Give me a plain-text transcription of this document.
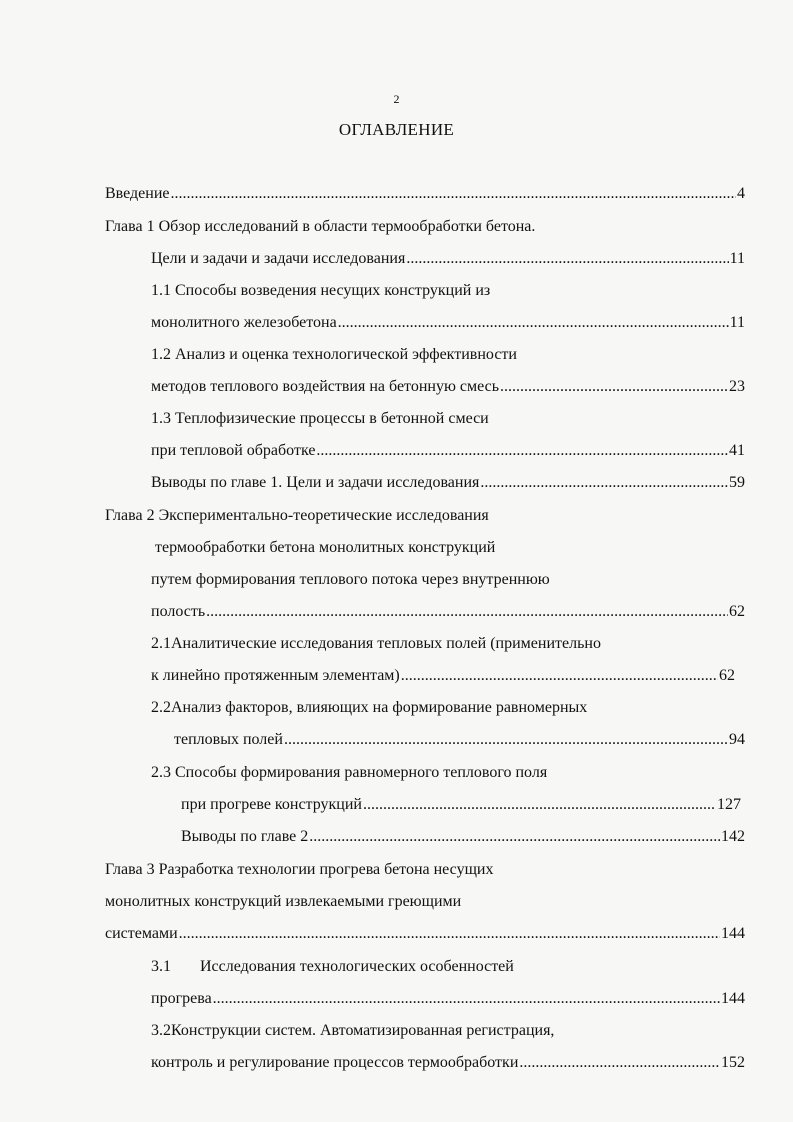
2
ОГЛАВЛЕНИЕ
Введение .....	4
Глава 1 Обзор исследований в области термообработки бетона.
Цели и задачи и задачи исследования .....	11
1.1 Способы возведения несущих конструкций из
монолитного железобетона .....	11
1.2 Анализ и оценка технологической эффективности
методов теплового воздействия на бетонную смесь .....	23
1.3 Теплофизические процессы в бетонной смеси
при тепловой обработке .....	41
Выводы по главе 1. Цели и задачи исследования .....	59
Глава 2 Экспериментально-теоретические исследования
термообработки бетона монолитных конструкций
путем формирования теплового потока через внутреннюю
полость .....	62
2.1Аналитические исследования тепловых полей (применительно
к линейно протяженным элементам) .....	62
2.2Анализ факторов, влияющих на формирование равномерных
тепловых полей .....	94
2.3 Способы формирования равномерного теплового поля
при прогреве конструкций .....	127
Выводы по главе 2 .....	142
Глава 3 Разработка технологии прогрева бетона несущих
монолитных конструкций извлекаемыми греющими
системами .....	144
3.1 Исследования технологических особенностей
прогрева .....	144
3.2Конструкции систем. Автоматизированная регистрация,
контроль и регулирование процессов термообработки .....	152
